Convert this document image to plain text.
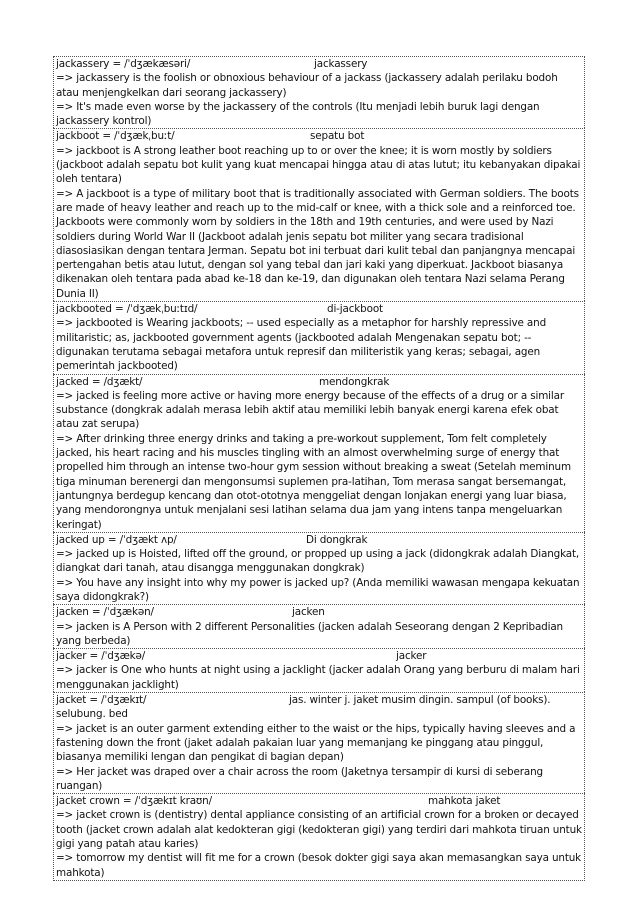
jackassery = /ˈdʒækæsəri/	jackassery

=> jackassery is the foolish or obnoxious behaviour of a jackass (jackassery adalah perilaku bodoh atau menjengkelkan dari seorang jackassery)

=> It's made even worse by the jackassery of the controls (Itu menjadi lebih buruk lagi dengan jackassery kontrol)

jackboot = /ˈdʒækˌbuːt/	sepatu bot

=> jackboot is A strong leather boot reaching up to or over the knee; it is worn mostly by soldiers (jackboot adalah sepatu bot kulit yang kuat mencapai hingga atau di atas lutut; itu kebanyakan dipakai oleh tentara)

=> A jackboot is a type of military boot that is traditionally associated with German soldiers. The boots are made of heavy leather and reach up to the mid-calf or knee, with a thick sole and a reinforced toe. Jackboots were commonly worn by soldiers in the 18th and 19th centuries, and were used by Nazi soldiers during World War II (Jackboot adalah jenis sepatu bot militer yang secara tradisional diasosiasikan dengan tentara Jerman. Sepatu bot ini terbuat dari kulit tebal dan panjangnya mencapai pertengahan betis atau lutut, dengan sol yang tebal dan jari kaki yang diperkuat. Jackboot biasanya dikenakan oleh tentara pada abad ke-18 dan ke-19, dan digunakan oleh tentara Nazi selama Perang Dunia II)

jackbooted = /ˈdʒækˌbuːtɪd/	di-jackboot

=> jackbooted is Wearing jackboots; -- used especially as a metaphor for harshly repressive and militaristic; as, jackbooted government agents (jackbooted adalah Mengenakan sepatu bot; -- digunakan terutama sebagai metafora untuk represif dan militeristik yang keras; sebagai, agen pemerintah jackbooted)

jacked = /dʒækt/	mendongkrak

=> jacked is feeling more active or having more energy because of the effects of a drug or a similar substance (dongkrak adalah merasa lebih aktif atau memiliki lebih banyak energi karena efek obat atau zat serupa)

=> After drinking three energy drinks and taking a pre-workout supplement, Tom felt completely jacked, his heart racing and his muscles tingling with an almost overwhelming surge of energy that propelled him through an intense two-hour gym session without breaking a sweat (Setelah meminum tiga minuman berenergi dan mengonsumsi suplemen pra-latihan, Tom merasa sangat bersemangat, jantungnya berdegup kencang dan otot-ototnya menggeliat dengan lonjakan energi yang luar biasa, yang mendorongnya untuk menjalani sesi latihan selama dua jam yang intens tanpa mengeluarkan keringat)

jacked up = /ˈdʒækt ʌp/	Di dongkrak

=> jacked up is Hoisted, lifted off the ground, or propped up using a jack (didongkrak adalah Diangkat, diangkat dari tanah, atau disangga menggunakan dongkrak)

=> You have any insight into why my power is jacked up? (Anda memiliki wawasan mengapa kekuatan saya didongkrak?)

jacken = /ˈdʒækən/	jacken

=> jacken is A Person with 2 different Personalities (jacken adalah Seseorang dengan 2 Kepribadian yang berbeda)

jacker = /ˈdʒækə/	jacker

=> jacker is One who hunts at night using a jacklight (jacker adalah Orang yang berburu di malam hari menggunakan jacklight)

jacket = /ˈdʒækɪt/	jas. winter j. jaket musim dingin. sampul (of books).

selubung. bed

=> jacket is an outer garment extending either to the waist or the hips, typically having sleeves and a fastening down the front (jaket adalah pakaian luar yang memanjang ke pinggang atau pinggul, biasanya memiliki lengan dan pengikat di bagian depan)

=> Her jacket was draped over a chair across the room (Jaketnya tersampir di kursi di seberang ruangan)

jacket crown = /ˈdʒækɪt kraʊn/	mahkota jaket

=> jacket crown is (dentistry) dental appliance consisting of an artificial crown for a broken or decayed tooth (jacket crown adalah alat kedokteran gigi (kedokteran gigi) yang terdiri dari mahkota tiruan untuk gigi yang patah atau karies)

=> tomorrow my dentist will fit me for a crown (besok dokter gigi saya akan memasangkan saya untuk mahkota)
